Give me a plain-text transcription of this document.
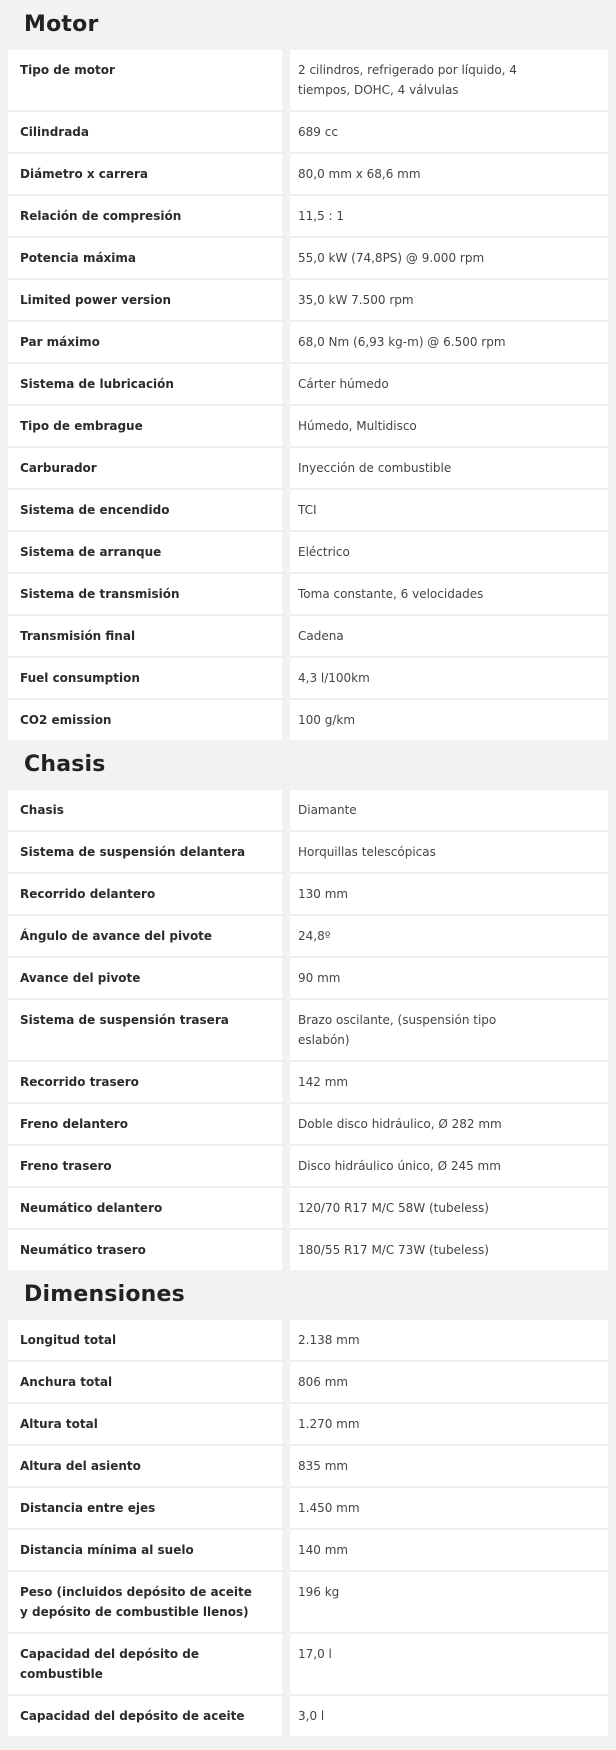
Motor
Tipo de motor	2 cilindros, refrigerado por líquido, 4 tiempos, DOHC, 4 válvulas
Cilindrada	689 cc
Diámetro x carrera	80,0 mm x 68,6 mm
Relación de compresión	11,5 : 1
Potencia máxima	55,0 kW (74,8PS) @ 9.000 rpm
Limited power version	35,0 kW 7.500 rpm
Par máximo	68,0 Nm (6,93 kg-m) @ 6.500 rpm
Sistema de lubricación	Cárter húmedo
Tipo de embrague	Húmedo, Multidisco
Carburador	Inyección de combustible
Sistema de encendido	TCI
Sistema de arranque	Eléctrico
Sistema de transmisión	Toma constante, 6 velocidades
Transmisión final	Cadena
Fuel consumption	4,3 l/100km
CO2 emission	100 g/km
Chasis
Chasis	Diamante
Sistema de suspensión delantera	Horquillas telescópicas
Recorrido delantero	130 mm
Ángulo de avance del pivote	24,8º
Avance del pivote	90 mm
Sistema de suspensión trasera	Brazo oscilante, (suspensión tipo eslabón)
Recorrido trasero	142 mm
Freno delantero	Doble disco hidráulico, Ø 282 mm
Freno trasero	Disco hidráulico único, Ø 245 mm
Neumático delantero	120/70 R17 M/C 58W (tubeless)
Neumático trasero	180/55 R17 M/C 73W (tubeless)
Dimensiones
Longitud total	2.138 mm
Anchura total	806 mm
Altura total	1.270 mm
Altura del asiento	835 mm
Distancia entre ejes	1.450 mm
Distancia mínima al suelo	140 mm
Peso (incluidos depósito de aceite y depósito de combustible llenos)	196 kg
Capacidad del depósito de combustible	17,0 l
Capacidad del depósito de aceite	3,0 l
